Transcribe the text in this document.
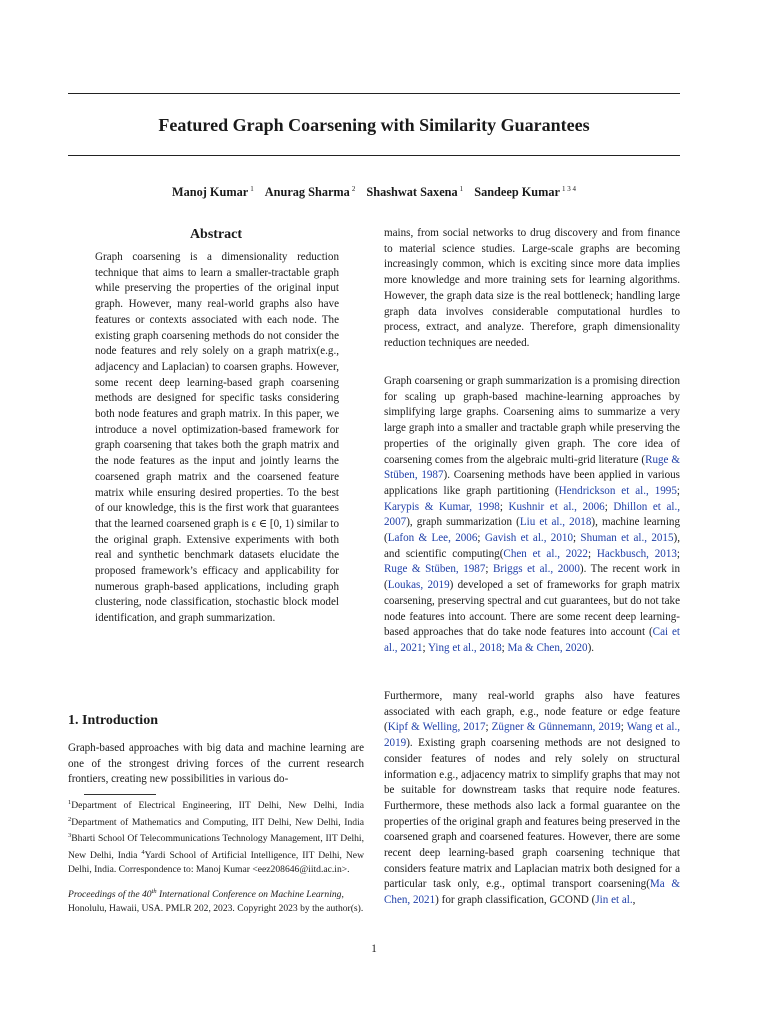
Featured Graph Coarsening with Similarity Guarantees
Manoj Kumar $^1$ Anurag Sharma $^2$ Shashwat Saxena $^1$ Sandeep Kumar $^{1 3 4}$
Abstract

Graph coarsening is a dimensionality reduction technique that aims to learn a smaller-tractable graph while preserving the properties of the original input graph. However, many real-world graphs also have features or contexts associated with each node. The existing graph coarsening methods do not consider the node features and rely solely on a graph matrix(e.g., adjacency and Laplacian) to coarsen graphs. However, some recent deep learning-based graph coarsening methods are designed for specific tasks considering both node features and graph matrix. In this paper, we introduce a novel optimization-based framework for graph coarsening that takes both the graph matrix and the node features as the input and jointly learns the coarsened graph matrix and the coarsened feature matrix while ensuring desired properties. To the best of our knowledge, this is the first work that guarantees that the learned coarsened graph is ϵ ∈ [0, 1) similar to the original graph. Extensive experiments with both real and synthetic benchmark datasets elucidate the proposed framework’s efficacy and applicability for numerous graph-based applications, including graph clustering, node classification, stochastic block model identification, and graph summarization.

1. Introduction

Graph-based approaches with big data and machine learning are one of the strongest driving forces of the current research frontiers, creating new possibilities in various do-

$^1$Department of Electrical Engineering, IIT Delhi, New Delhi, India $^2$Department of Mathematics and Computing, IIT Delhi, New Delhi, India $^3$Bharti School Of Telecommunications Technology Management, IIT Delhi, New Delhi, India $^4$Yardi School of Artificial Intelligence, IIT Delhi, New Delhi, India. Correspondence to: Manoj Kumar <eez208646@iitd.ac.in>.

Proceedings of the 40th International Conference on Machine Learning, Honolulu, Hawaii, USA. PMLR 202, 2023. Copyright 2023 by the author(s).

mains, from social networks to drug discovery and from finance to material science studies. Large-scale graphs are becoming increasingly common, which is exciting since more data implies more knowledge and more training sets for learning algorithms. However, the graph data size is the real bottleneck; handling large graph data involves considerable computational hurdles to process, extract, and analyze. Therefore, graph dimensionality reduction techniques are needed.

Graph coarsening or graph summarization is a promising direction for scaling up graph-based machine-learning approaches by simplifying large graphs. Coarsening aims to summarize a very large graph into a smaller and tractable graph while preserving the properties of the originally given graph. The core idea of coarsening comes from the algebraic multi-grid literature (Ruge & Stüben, 1987). Coarsening methods have been applied in various applications like graph partitioning (Hendrickson et al., 1995; Karypis & Kumar, 1998; Kushnir et al., 2006; Dhillon et al., 2007), graph summarization (Liu et al., 2018), machine learning (Lafon & Lee, 2006; Gavish et al., 2010; Shuman et al., 2015), and scientific computing(Chen et al., 2022; Hackbusch, 2013; Ruge & Stüben, 1987; Briggs et al., 2000). The recent work in (Loukas, 2019) developed a set of frameworks for graph matrix coarsening, preserving spectral and cut guarantees, but do not take node features into account. There are some recent deep learning-based approaches that do take node features into account (Cai et al., 2021; Ying et al., 2018; Ma & Chen, 2020).

Furthermore, many real-world graphs also have features associated with each graph, e.g., node feature or edge feature (Kipf & Welling, 2017; Zügner & Günnemann, 2019; Wang et al., 2019). Existing graph coarsening methods are not designed to consider features of nodes and rely solely on structural information e.g., adjacency matrix to simplify graphs that may not be suitable for downstream tasks that require node features. Furthermore, these methods also lack a formal guarantee on the properties of the original graph and features being preserved in the coarsened graph and coarsened features. However, there are some recent deep learning-based graph coarsening technique that considers feature matrix and Laplacian matrix both designed for a particular task only, e.g., optimal transport coarsening(Ma & Chen, 2021) for graph classification, GCOND (Jin et al.,

1
